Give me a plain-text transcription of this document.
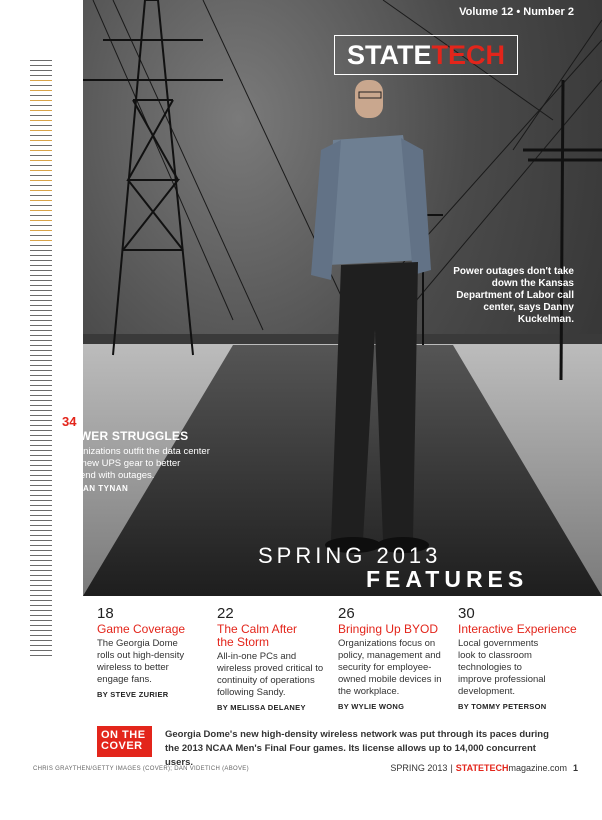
Volume 12 • Number 2
STATETECH
Power outages don't take down the Kansas Department of Labor call center, says Danny Kuckelman.
34
POWER STRUGGLES
Organizations outfit the data center with new UPS gear to better contend with outages.
BY DAN TYNAN
SPRING 2013
FEATURES
18
Game Coverage
The Georgia Dome rolls out high-density wireless to better engage fans.
BY STEVE ZURIER
22
The Calm After the Storm
All-in-one PCs and wireless proved critical to continuity of operations following Sandy.
BY MELISSA DELANEY
26
Bringing Up BYOD
Organizations focus on policy, management and security for employee-owned mobile devices in the workplace.
BY WYLIE WONG
30
Interactive Experience
Local governments look to classroom technologies to improve professional development.
BY TOMMY PETERSON
ON THE
COVER
Georgia Dome's new high-density wireless network was put through its paces during the 2013 NCAA Men's Final Four games. Its license allows up to 14,000 concurrent users.
CHRIS GRAYTHEN/GETTY IMAGES (COVER); DAN VIDETICH (ABOVE)	SPRING 2013 | STATETECHmagazine.com 1
